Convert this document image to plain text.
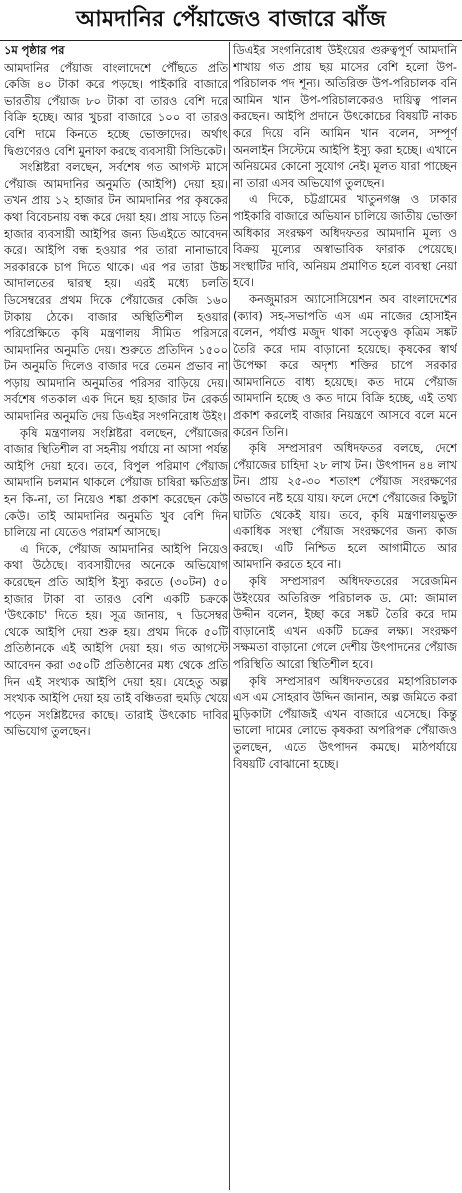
আমদানির পেঁয়াজেও বাজারে ঝাঁজ
১ম পৃষ্ঠার পর

আমদানির পেঁয়াজ বাংলাদেশে পৌঁছতে প্রতি কেজি ৪০ টাকা করে পড়ছে। পাইকারি বাজারে ভারতীয় পেঁয়াজ ৮০ টাকা বা তারও বেশি দরে বিক্রি হচ্ছে। আর খুচরা বাজারে ১০০ বা তারও বেশি দামে কিনতে হচ্ছে ভোক্তাদের। অর্থাৎ দ্বিগুণেরও বেশি মুনাফা করছে ব্যবসায়ী সিন্ডিকেট।

সংশ্লিষ্টরা বলছেন, সর্বশেষ গত আগস্ট মাসে পেঁয়াজ আমদানির অনুমতি (আইপি) দেয়া হয়। তখন প্রায় ১২ হাজার টন আমদানির পর কৃষকের কথা বিবেচনায় বন্ধ করে দেয়া হয়। প্রায় সাড়ে তিন হাজার ব্যবসায়ী আইপির জন্য ডিএইতে আবেদন করে। আইপি বন্ধ হওয়ার পর তারা নানাভাবে সরকারকে চাপ দিতে থাকে। এর পর তারা উচ্চ আদালতের দ্বারস্থ হয়। এরই মধ্যে চলতি ডিসেম্বরের প্রথম দিকে পেঁয়াজের কেজি ১৬০ টাকায় ঠেকে। বাজার অস্থিতিশীল হওয়ার পরিপ্রেক্ষিতে কৃষি মন্ত্রণালয় সীমিত পরিসরে আমদানির অনুমতি দেয়। শুরুতে প্রতিদিন ১৫০০ টন অনুমতি দিলেও বাজার দরে তেমন প্রভাব না পড়ায় আমদানি অনুমতির পরিসর বাড়িয়ে দেয়। সর্বশেষ গতকাল এক দিনে ছয় হাজার টন রেকর্ড আমদানির অনুমতি দেয় ডিএইর সংগনিরোধ উইং।

কৃষি মন্ত্রণালয় সংশ্লিষ্টরা বলছেন, পেঁয়াজের বাজার স্থিতিশীল বা সহনীয় পর্যায়ে না আসা পর্যন্ত আইপি দেয়া হবে। তবে, বিপুল পরিমাণ পেঁয়াজ আমদানি চলমান থাকলে পেঁয়াজ চাষিরা ক্ষতিগ্রস্ত হন কি-না, তা নিয়েও শঙ্কা প্রকাশ করেছেন কেউ কেউ। তাই আমদানির অনুমতি খুব বেশি দিন চালিয়ে না যেতেও পরামর্শ আসছে।

এ দিকে, পেঁয়াজ আমদানির আইপি নিয়েও কথা উঠেছে। ব্যবসায়ীদের অনেকে অভিযোগ করেছেন প্রতি আইপি ইস্যু করতে (৩০টন) ৫০ হাজার টাকা বা তারও বেশি একটি চক্রকে 'উৎকোচ' দিতে হয়। সূত্র জানায়, ৭ ডিসেম্বর থেকে আইপি দেয়া শুরু হয়। প্রথম দিকে ৫০টি প্রতিষ্ঠানকে এই আইপি দেয়া হয়। গত আগস্টে আবেদন করা ৩৫০টি প্রতিষ্ঠানের মধ্য থেকে প্রতি দিন এই সংখ্যক আইপি দেয়া হয়। যেহেতু অল্প সংখ্যক আইপি দেয়া হয় তাই বঞ্চিতরা হুমড়ি খেয়ে পড়েন সংশ্লিষ্টদের কাছে। তারাই উৎকোচ দাবির অভিযোগ তুলছেন।

ডিএইর সংগনিরোধ উইংয়ের গুরুত্বপূর্ণ আমদানি শাখায় গত প্রায় ছয় মাসের বেশি হলো উপ-পরিচালক পদ শূন্য। অতিরিক্ত উপ-পরিচালক বনি আমিন খান উপ-পরিচালকেরও দায়িত্ব পালন করছেন। আইপি প্রদানে উৎকোচের বিষয়টি নাকচ করে দিয়ে বনি আমিন খান বলেন, সম্পূর্ণ অনলাইন সিস্টেমে আইপি ইস্যু করা হচ্ছে। এখানে অনিয়মের কোনো সুযোগ নেই। মূলত যারা পাচ্ছেন না তারা এসব অভিযোগ তুলছেন।

এ দিকে, চট্টগ্রামের খাতুনগঞ্জ ও ঢাকার পাইকারি বাজারে অভিযান চালিয়ে জাতীয় ভোক্তা অধিকার সংরক্ষণ অধিদফতর আমদানি মূল্য ও বিক্রয় মূল্যের অস্বাভাবিক ফারাক পেয়েছে। সংস্থাটির দাবি, অনিয়ম প্রমাণিত হলে ব্যবস্থা নেয়া হবে।

কনজুমারস অ্যাসোসিয়েশন অব বাংলাদেশের (ক্যাব) সহ-সভাপতি এস এম নাজের হোসাইন বলেন, পর্যাপ্ত মজুদ থাকা সত্ত্বেও কৃত্রিম সঙ্কট তৈরি করে দাম বাড়ানো হয়েছে। কৃষকের স্বার্থ উপেক্ষা করে অদৃশ্য শক্তির চাপে সরকার আমদানিতে বাধ্য হয়েছে। কত দামে পেঁয়াজ আমদানি হচ্ছে ও কত দামে বিক্রি হচ্ছে, এই তথ্য প্রকাশ করলেই বাজার নিয়ন্ত্রণে আসবে বলে মনে করেন তিনি।

কৃষি সম্প্রসারণ অধিদফতর বলছে, দেশে পেঁয়াজের চাহিদা ২৮ লাখ টন। উৎপাদন ৪৪ লাখ টন। প্রায় ২৫-৩০ শতাংশ পেঁয়াজ সংরক্ষণের অভাবে নষ্ট হয়ে যায়। ফলে দেশে পেঁয়াজের কিছুটা ঘাটতি থেকেই যায়। তবে, কৃষি মন্ত্রণালয়ভুক্ত একাধিক সংস্থা পেঁয়াজ সংরক্ষণের জন্য কাজ করছে। এটি নিশ্চিত হলে আগামীতে আর আমদানি করতে হবে না।

কৃষি সম্প্রসারণ অধিদফতরের সরেজমিন উইংয়ের অতিরিক্ত পরিচালক ড. মো: জামাল উদ্দীন বলেন, ইচ্ছা করে সঙ্কট তৈরি করে দাম বাড়ানোই এখন একটি চক্রের লক্ষ্য। সংরক্ষণ সক্ষমতা বাড়ানো গেলে দেশীয় উৎপাদনের পেঁয়াজ পরিস্থিতি আরো স্থিতিশীল হবে।

কৃষি সম্প্রসারণ অধিদফতরের মহাপরিচালক এস এম সোহরাব উদ্দিন জানান, অল্প জমিতে করা মুড়িকাটা পেঁয়াজই এখন বাজারে এসেছে। কিন্তু ভালো দামের লোভে কৃষকরা অপরিপক্ব পেঁয়াজও তুলছেন, এতে উৎপাদন কমছে। মাঠপর্যায়ে বিষয়টি বোঝানো হচ্ছে।
